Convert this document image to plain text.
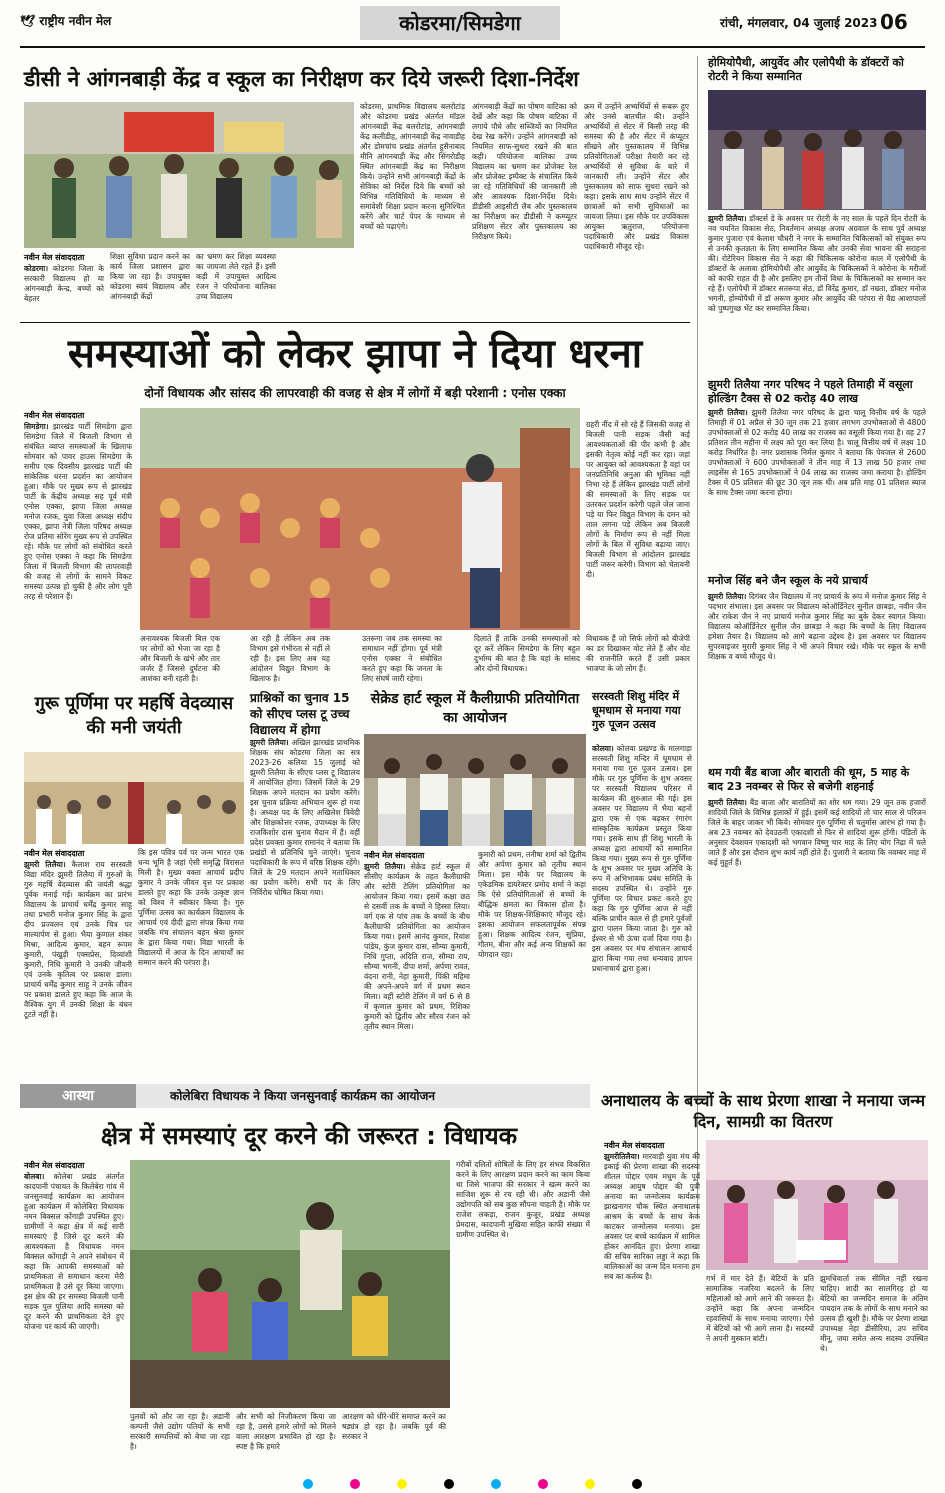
🕊 राष्ट्रीय नवीन मेल	कोडरमा/सिमडेगा	रांची, मंगलवार, 04 जुलाई 2023 06
डीसी ने आंगनबाड़ी केंद्र व स्कूल का निरीक्षण कर दिये जरूरी दिशा-निर्देश
नवीन मेल संवाददाता
कोडरमा। कोडरमा जिला के सरकारी विद्यालय हो या आंगनबाड़ी केन्द्र, बच्चों को बेहतर
शिक्षा सुविधा प्रदान करने का कार्य जिला प्रशासन द्वारा किया जा रहा है। उपायुक्त कोडरमा स्वयं विद्यालय और आंगनबाड़ी केंद्रों
का भ्रमण कर शिक्षा व्यवस्था का जायजा लेते रहते हैं। इसी कड़ी में उपायुक्त आदित्य रंजन ने परियोजना बालिका उच्च विद्यालय
कोडरमा, प्राथमिक विद्यालय बलरोटांड़ और कोडरमा प्रखंड अंतर्गत मॉडल आंगनबाड़ी केंद्र बलरोटांड़, आंगनबाड़ी केंद्र कलीडीह, आंगनबाड़ी केंद्र नावाडीह और डोमचांच प्रखंड अंतर्गत हुसैनाबाद मीनि आंगनबाड़ी केंद्र और सिंगरोडीह स्थित आंगनबाड़ी केंद्र का निरीक्षण किये। उन्होंने सभी आंगनबाड़ी केंद्रों के सेविका को निर्देश दिये कि बच्चों को विभिन्न गतिविधियों के माध्यम से समावेशी शिक्षा प्रदान करना सुनिश्चित करेंगे और चार्ट पेपर के माध्यम से बच्चों को पढ़ाएंगे।
आंगनबाड़ी केंद्रों का पोषण वाटिका को देखें और कहा कि पोषण वाटिका में लगाये पौधे और सब्जियों का नियमित देख रेख करेंगे। उन्होंने आंगनबाड़ी को नियमित साफ-सुथरा रखने की बात कही। परियोजना बालिका उच्च विद्यालय का भ्रमण कर प्रोजेक्ट रेल और प्रोजेक्ट इम्पैक्ट के संचालित किये जा रहे गतिविधियों की जानकारी ली और आवश्यक दिशा-निर्देश दिये। डीडीसी आइसीटी लैब और पुस्तकालय का निरीक्षण कर डीडीसी ने कम्प्यूटर प्रशिक्षण सेंटर और पुस्तकालय का निरीक्षण किये।
क्रम में उन्होंने अभ्यर्थियों से रूबरू हुए और उनसे बातचीत की। उन्होंने अभ्यर्थियों से सेंटर में किसी तरह की समस्या की है और सेंटर में कंप्यूटर सीखने और पुस्तकालय में विभिन्न प्रतियोगिताओं परीक्षा तैयारी कर रहे अभ्यर्थियों से सुविधा के बारे में जानकारी ली। उन्होंने सेंटर और पुस्तकालय को साफ सुथरा रखने को कहा। इसके साथ साथ उन्होंने सेंटर में छात्राओं को सभी सुविधाओं का जायजा लिया। इस मौके पर उपविकास आयुक्त ऋतुराज, परियोजना पदाधिकारी और प्रखंड विकास पदाधिकारी मौजूद रहे।
होमियोपैथी, आयुर्वेद और एलोपैथी के डॉक्टरों को रोटरी ने किया सम्मानित
झुमरी तिलैया। डॉक्टर्स डे के अवसर पर रोटरी के नए साल के पहले दिन रोटरी के नव चयनित विकास सेठ, निवर्तमान अध्यक्ष अजय अग्रवाल के साथ पूर्व अध्यक्ष कुमार पुजारा एवं केलाश चौधरी ने नगर के सम्मानित चिकित्सकों को संयुक्त रूप से उनकी कृतज्ञता के लिए सम्मानित किया और उनकी सेवा भावना की सराहना की। रोटेरियन विकास सेठ ने कहा की चिकित्सक कोरोना काल में एलोपैथी के डॉक्टरों के अलावा होमियोपैथी और आयुर्वेद के चिकित्सकों ने कोरोना के मरीजों को काफी राहत दी है और इसलिए हम तीनों विधा के चिकित्सकों का सम्मान कर रहे हैं। एलोपैथी में डॉक्टर सतरूपा सेठ, डॉ विरेंद्र कुमार, डॉ नम्रता, डॉक्टर मनोज भगनी, होम्योपैथी में डॉ अरूण कुमार और आयुर्वेद की परंपरा से वैद्य आशापालों को पुष्पगुच्छ भेंट कर सम्मानित किया।
झुमरी तिलैया नगर परिषद ने पहले तिमाही में वसूला होल्डिंग टैक्स से 02 करोड़ 40 लाख
झुमरी तिलैया। झुमरी तिलैया नगर परिषद के द्वारा चालू वित्तीय वर्ष के पहले तिमाही में 01 अप्रैल से 30 जून तक 21 हजार लगभग उपभोक्ताओं से 4800 उपभोक्ताओं से 02 करोड़ 40 लाख का राजस्व का वसूली किया गया है। वह 27 प्रतिशत तीन महीना में लक्ष्य को पूरा कर लिया है। चालू वित्तीय वर्ष में लक्ष्य 10 करोड़ निर्धारित है। नगर प्रशासक निर्मल कुमार ने बताया कि पेयजल से 2600 उपभोक्ताओं ने 600 उपभोक्ताओं ने तीन माह में 13 लाख 50 हजार तथा लाइसेंस से 165 उपभोक्ताओं ने 04 लाख का राजस्व जमा कराया है। होल्डिंग टैक्स में 05 प्रतिशत की छूट 30 जून तक थी। अब प्रति माह 01 प्रतिशत ब्याज के साथ टैक्स जमा करना होगा।
मनोज सिंह बने जैन स्कूल के नये प्राचार्य
झुमरी तिलैया। दिगंबर जैन विद्यालय में नए प्राचार्य के रूप में मनोज कुमार सिंह ने पदभार संभाला। इस अवसर पर विद्यालय कोऑर्डिनेटर सुनील छाबड़ा, नवीन जैन और राकेश जैन ने नए प्राचार्य मनोज कुमार सिंह का बुके देकर स्वागत किया। विद्यालय कोऑर्डिनेटर सुनील जैन छाबड़ा ने कहा कि बच्चों के लिए विद्यालय हमेशा तैयार है। विद्यालय को आगे बढ़ाना उद्देश्य है। इस अवसर पर विद्यालय सुपरवाइजर मुरारी कुमार सिंह ने भी अपने विचार रखे। मौके पर स्कूल के सभी शिक्षक व बच्चे मौजूद थे।
थम गयी बैंड बाजा और बाराती की धूम, 5 माह के बाद 23 नवम्बर से फिर से बजेगी शहनाई
झुमरी तिलैया। बैंड बाजा और बारातियों का शोर थम गया। 29 जून तक हजारों शादियों जिले के विभिन्न इलाकों में हुई। इसमें कई शादियों तो चार साल से परिजन जिले के बाहर जाकर भी किये। सोमवार गुरु पूर्णिमा से चतुर्मास आरंभ हो गया है। अब 23 नवम्बर को देवउठनी एकादशी से फिर से शादियां शुरू होंगी। पंडितों के अनुसार देवशयन एकादशी को भगवान विष्णु चार माह के लिए योग निद्रा में चले जाते हैं और इस दौरान शुभ कार्य नहीं होते हैं। पुजारी ने बताया कि नवम्बर माह में कई मुहूर्त हैं।
समस्याओं को लेकर झापा ने दिया धरना
दोनों विधायक और सांसद की लापरवाही की वजह से क्षेत्र में लोगों में बड़ी परेशानी : एनोस एक्का
नवीन मेल संवाददाता
सिमडेगा। झारखंड पार्टी सिमडेगा द्वारा सिमडेगा जिले में बिजली विभाग से संबंधित व्याप्त समस्याओं के खिलाफ सोमवार को पावर हाउस सिमडेगा के समीप एक दिवसीय झारखंड पार्टी की सांकेतिक धरना प्रदर्शन का आयोजन हुआ। मौके पर मुख्य रूप से झारखंड पार्टी के केंद्रीय अध्यक्ष सह पूर्व मंत्री एनोस एक्का, झापा जिला अध्यक्ष मनोज रजक, युवा जिला अध्यक्ष संदीप एक्का, झापा नेत्री जिला परिषद अध्यक्ष रोज प्रतिमा सोरेंग मुख्य रूप से उपस्थित रहे। मौके पर लोगों को संबोधित करते हुए एनोस एक्का ने कहा कि सिमडेगा जिला में बिजली विभाग की लापरवाही की वजह से लोगों के सामने विकट समस्या उत्पन्न हो चुकी है और लोग पूरी तरह से परेशान हैं।
अनावश्यक बिजली बिल एक पर लोगों को भेजा जा रहा है और बिजली के खंभे और तार जर्जर हैं जिससे दुर्घटना की आशंका बनी रहती है।
आ रही है लेकिन अब तक विभाग इसे गंभीरता से नहीं ले रही है। इस लिए अब यह आंदोलन विद्युत विभाग के खिलाफ है।
उतरूगा जब तक समस्या का समाधान नहीं होगा। पूर्व मंत्री एनोस एक्का ने संबोधित करते हुए कहा कि जनता के लिए संघर्ष जारी रहेगा।
दिलाते हैं ताकि उनकी समस्याओं को दूर करें लेकिन सिमडेगा के लिए बहुत दुर्भाग्य की बात है कि यहां के सांसद और दोनों विधायक।
ग्रहरी नींद में सो रहे हैं जिसकी वजह से बिजली पानी सड़क जैसी कई आवश्यकताओं की पीर कभी है और इसकी नेतृत्व कोई नहीं कर रहा। जहां पर आयुक्त को आवश्यकता है वहां पर जनप्रतिनिधि अनुआ की भूमिका नहीं निभा रहे हैं लेकिन झारखंड पार्टी लोगों की समस्याओं के लिए सड़क पर उतरकर प्रदर्शन करेगी पहले जेल जाना पड़े या फिर विद्युत विभाग के दमन को ताल लगना पड़े लेकिन अब बिजली लोगों के निर्माण रूप से नहीं मिला लोगों के बिल में सुविधा बढ़ाया जाए। बिजली विभाग से आंदोलन झारखंड पार्टी जरूर करेगी। विभाग को चेतावनी दी।
विधायक हैं जो सिर्फ लोगों को बीजेपी का डर दिखाकर वोट लेते हैं और वोट की राजनीति करते हैं उसी प्रकार भाजपा के जो लोग हैं।
गुरू पूर्णिमा पर महर्षि वेदव्यास की मनी जयंती
नवीन मेल संवाददाता
झुमरी तिलैया। कैलाश राय सरस्वती विद्या मंदिर झुमरी तिलैया में गुरुओं के गुरु महर्षि वेदव्यास की जयंती श्रद्धा पूर्वक मनाई गई। कार्यक्रम का प्रारंभ विद्यालय के प्राचार्य धर्मेंद्र कुमार साहू तथा प्रभारी मनोज कुमार सिंह के द्वारा दीप प्रज्वलन एवं उनके चित्र पर माल्यार्पण से हुआ। भैया कुणाल शंकर मिश्रा, आदित्य कुमार, बहन रूपम कुमारी, पंखुड़ी एक्सप्रेस, दिव्यांशी कुमारी, निधि कुमारी ने उनकी जीवनी एवं उनके कृतित्व पर प्रकाश डाला। प्राचार्य धर्मेंद्र कुमार साहू ने उनके जीवन पर प्रकाश डालते हुए कहा कि आज के वैश्विक युग में उनकी शिक्षा के बंधन टूटते नहीं है।
कि इस पवित्र पर्व पर जन्म भारत एक धन्य भूमि है जहां ऐसी समृद्धि विरासत मिली है। मुख्य वक्ता आचार्य प्रदीप कुमार ने उनके जीवन वृत्त पर प्रकाश डालते हुए कहा कि उनके उत्कृष्ट ज्ञान को विश्व ने स्वीकार किया है। गुरु पूर्णिमा उत्सव का कार्यक्रम विद्यालय के आचार्य एवं दीदी द्वारा संपन्न किया गया जबकि मंच संचालन बहन श्रेया कुमार के द्वारा किया गया। विद्या भारती के विद्यालयों में आज के दिन आचार्यों का सम्मान करने की परंपरा है।
प्राश्निकों का चुनाव 15 को सीएच प्लस टू उच्च विद्यालय में होगा
झुमरी तिलैया। अखिल झारखंड प्राथमिक शिक्षक संघ कोडरमा जिला का सत्र 2023-26 कलिया 15 जुलाई को झुमरी तिलैया के सीएच प्लस टू विद्यालय में आयोजित होगा। जिसमें जिले के 29 शिक्षक अपने मतदान का प्रयोग करेंगे। इस चुनाव प्रक्रिया अभियान शुरू हो गया है। अध्यक्ष पद के लिए अखिलेश त्रिवेदी और शिक्षकोत्तर रजक, उपाध्यक्ष के लिए राजकिशोर दास चुनाव मैदान में हैं। वहीं प्रदेश प्रवक्ता कुमार रामानंद ने बताया कि प्रखंडों से प्रतिनिधि चुने जाएंगे। चुनाव पदाधिकारी के रूप में वरिष्ठ शिक्षक रहेंगे। जिले के 29 मतदान अपने मताधिकार का प्रयोग करेंगे। सभी पद के लिए निर्विरोध घोषित किया गया।
सेक्रेड हार्ट स्कूल में कैलीग्राफी प्रतियोगिता का आयोजन
नवीन मेल संवाददाता
झुमरी तिलैया। सेक्रेड हार्ट स्कूल में सीसीए कार्यक्रम के तहत कैलीग्राफी और स्टोरी टेलिंग प्रतियोगिता का आयोजन किया गया। इसमें कक्षा छठ से दसवीं तक के बच्चों ने हिस्सा लिया। वर्ग एक से पांच तक के बच्चों के बीच कैलीग्राफी प्रतियोगिता का आयोजन किया गया। इसमें आनंद कुमार, रियांश पांडेय, कुंज कुमार दास, सौम्या कुमारी, निधि गुप्ता, अदिति राज, सौम्या राय, सौम्या भगनी, दीपा शर्मा, अर्पणा रावत, वंदना रानी, नेहा कुमारी, पिंकी महिमा की अपने-अपने वर्ग में प्रथम स्थान मिला। वहीं स्टोरी टेलिंग में वर्ग 6 से 8 में कृणाल कुमार को प्रथम, रिशिका कुमारी को द्वितीय और सौरव रंजन को तृतीय स्थान मिला।
कुमारी को प्रथम, तनीषा शर्मा को द्वितीय और अर्पणा कुमार को तृतीय स्थान मिला। इस मौके पर विद्यालय के एकेडमिक डायरेक्टर प्रमोद शर्मा ने कहा कि ऐसे प्रतियोगिताओं से बच्चों के बौद्धिक क्षमता का विकास होता है। मौके पर शिक्षक-शिक्षिकाएं मौजूद रहे। इसका आयोजन सफलतापूर्वक संपन्न हुआ। शिक्षक आदित्य रंजन, सुप्रिया, गौतम, बीना और कई अन्य शिक्षकों का योगदान रहा।
सरस्वती शिशु मंदिर में धूमधाम से मनाया गया गुरु पूजन उत्सव
कोलवा। कोलवा प्रखण्ड के मालगाड़ा सरस्वती शिशु मन्दिर में धूमधाम से मनाया गया गुरु पूजन उत्सव। इस मौके पर गुरु पूर्णिमा के शुभ अवसर पर सरस्वती विद्यालय परिसर में कार्यक्रम की शुरुआत की गई। इस अवसर पर विद्यालय में भैया बहनों द्वारा एक से एक बढ़कर रंगारंग सांस्कृतिक कार्यक्रम प्रस्तुत किया गया। इसके साथ ही शिशु भारती के अध्यक्ष द्वारा आचार्यों को सम्मानित किया गया। मुख्य रूप से गुरु पूर्णिमा के शुभ अवसर पर मुख्य अतिथि के रूप में अभिभावक प्रबंध समिति के सदस्य उपस्थित थे। उन्होंने गुरु पूर्णिमा पर विचार प्रकट करते हुए कहा कि गुरु पूर्णिमा आज से नहीं बल्कि प्राचीन काल से ही हमारे पूर्वजों द्वारा पालन किया जाता है। गुरु को ईश्वर से भी ऊंचा दर्जा दिया गया है। इस अवसर पर मंच संचालन आचार्य द्वारा किया गया तथा धन्यवाद ज्ञापन प्रधानाचार्य द्वारा हुआ।
आस्था	कोलेबिरा विधायक ने किया जनसुनवाई कार्यक्रम का आयोजन
क्षेत्र में समस्याएं दूर करने की जरूरत : विधायक
नवीन मेल संवाददाता
बोलबा। कोलेबा प्रखंड अंतर्गत कादपानी पंचायत के किलेबेरा गांव में जनसुनवाई कार्यक्रम का आयोजन हुआ कार्यक्रम में कोलेबिरा विधायक नमन बिक्सल कोंगाड़ी उपस्थित हुए। ग्रामीणों ने कहा क्षेत्र में कई सारी समस्याएं हैं जिसे दूर करने की आवश्यकता है विधायक नमन बिक्सल कोंगाड़ी ने अपने संबोधन में कहा कि आपकी समस्याओं को प्राथमिकता से समाधान करना मेरी प्राथमिकता है उसे दूर किया जाएगा। इस क्षेत्र की हर समस्या बिजली पानी सड़क पुल पुलिया आदि समस्या को दूर करने की प्राथमिकता देते हुए योजना पर कार्य की जाएगी।
पुलवों को और जा रहा है। अडानी कम्पनी जैसे उद्योग पतियों के सभी सरकारी सम्पत्तियों को बेचा जा रहा है।
और सभी को निजीकरण किया जा रहा है, उससे हमारे लोगों को मिलने वाला आरक्षण प्रभावित हो रहा है। स्पष्ट है कि हमारे
गरीबों दलितों शोषितों के लिए हर संभव विकसित करने के लिए आरक्षण प्रदान करने का काम किया था जिसे भाजपा की सरकार ने खत्म करने का साजिश शुरू से रच रही थी। और अडानी जैसे उद्योगपति को सब कुछ सौंपना चाहती है। मौके पर राजेश लकड़ा, राजन कुजूर, प्रखंड अध्यक्ष प्रेमदास, कादपानी मुखिया सहित काफी संख्या में ग्रामीण उपस्थित थे।
आरक्षण को धीरे-धीरे समाप्त करने का षड्यंत्र हो रहा है। जबकि पूर्व की सरकार ने
अनाथालय के बच्चों के साथ प्रेरणा शाखा ने मनाया जन्म दिन, सामग्री का वितरण
नवीन मेल संवाददाता
झुमरीतिलैया। मारवाड़ी युवा मंच की इकाई की प्रेरणा शाखा की सदस्या शीतल पोद्दार एवम मधुम के पूर्व अध्यक्ष आयुष पोद्दार की पुत्री अनाया का जन्मोत्सव कार्यक्रम झाखनागर चौक स्थित अनाथालय आश्रम के बच्चों के साथ केक काटकर जन्मोत्सव मनाया। इस अवसर पर बच्चे कार्यक्रम में शामिल होकर आनंदित हुए। प्रेरणा शाखा की सचिव सारिका लड्डा ने कहा कि बालिकाओं का जन्म दिन मनाना हम सब का कर्तव्य है।	गर्भ में मार देते हैं। बेटियों के प्रति सामाजिक नजरिया बदलने के लिए महिलाओं को आगे आने की जरूरत है। उन्होंने कहा कि अपना जन्मदिन रहवासियों के साथ मनाया जाएगा। ऐसे में बेटियों को भी आगे लाना है। सदस्यों ने अपनी मुस्कान बांटी।
झुमधिवार्ता तक सीमित नहीं रखना चाहिए। शादी का सालगिरह हो या बेटियों का जन्मदिन समाज के अंतिम पायदान तक के लोगों के साथ मनाने का उत्सव ही खुशी है। मौके पर प्रेरणा शाखा उपाध्यक्ष नेहा डीसीरिया, उप सचिव मीनू, जया समेत अन्य सदस्य उपस्थित थे।
